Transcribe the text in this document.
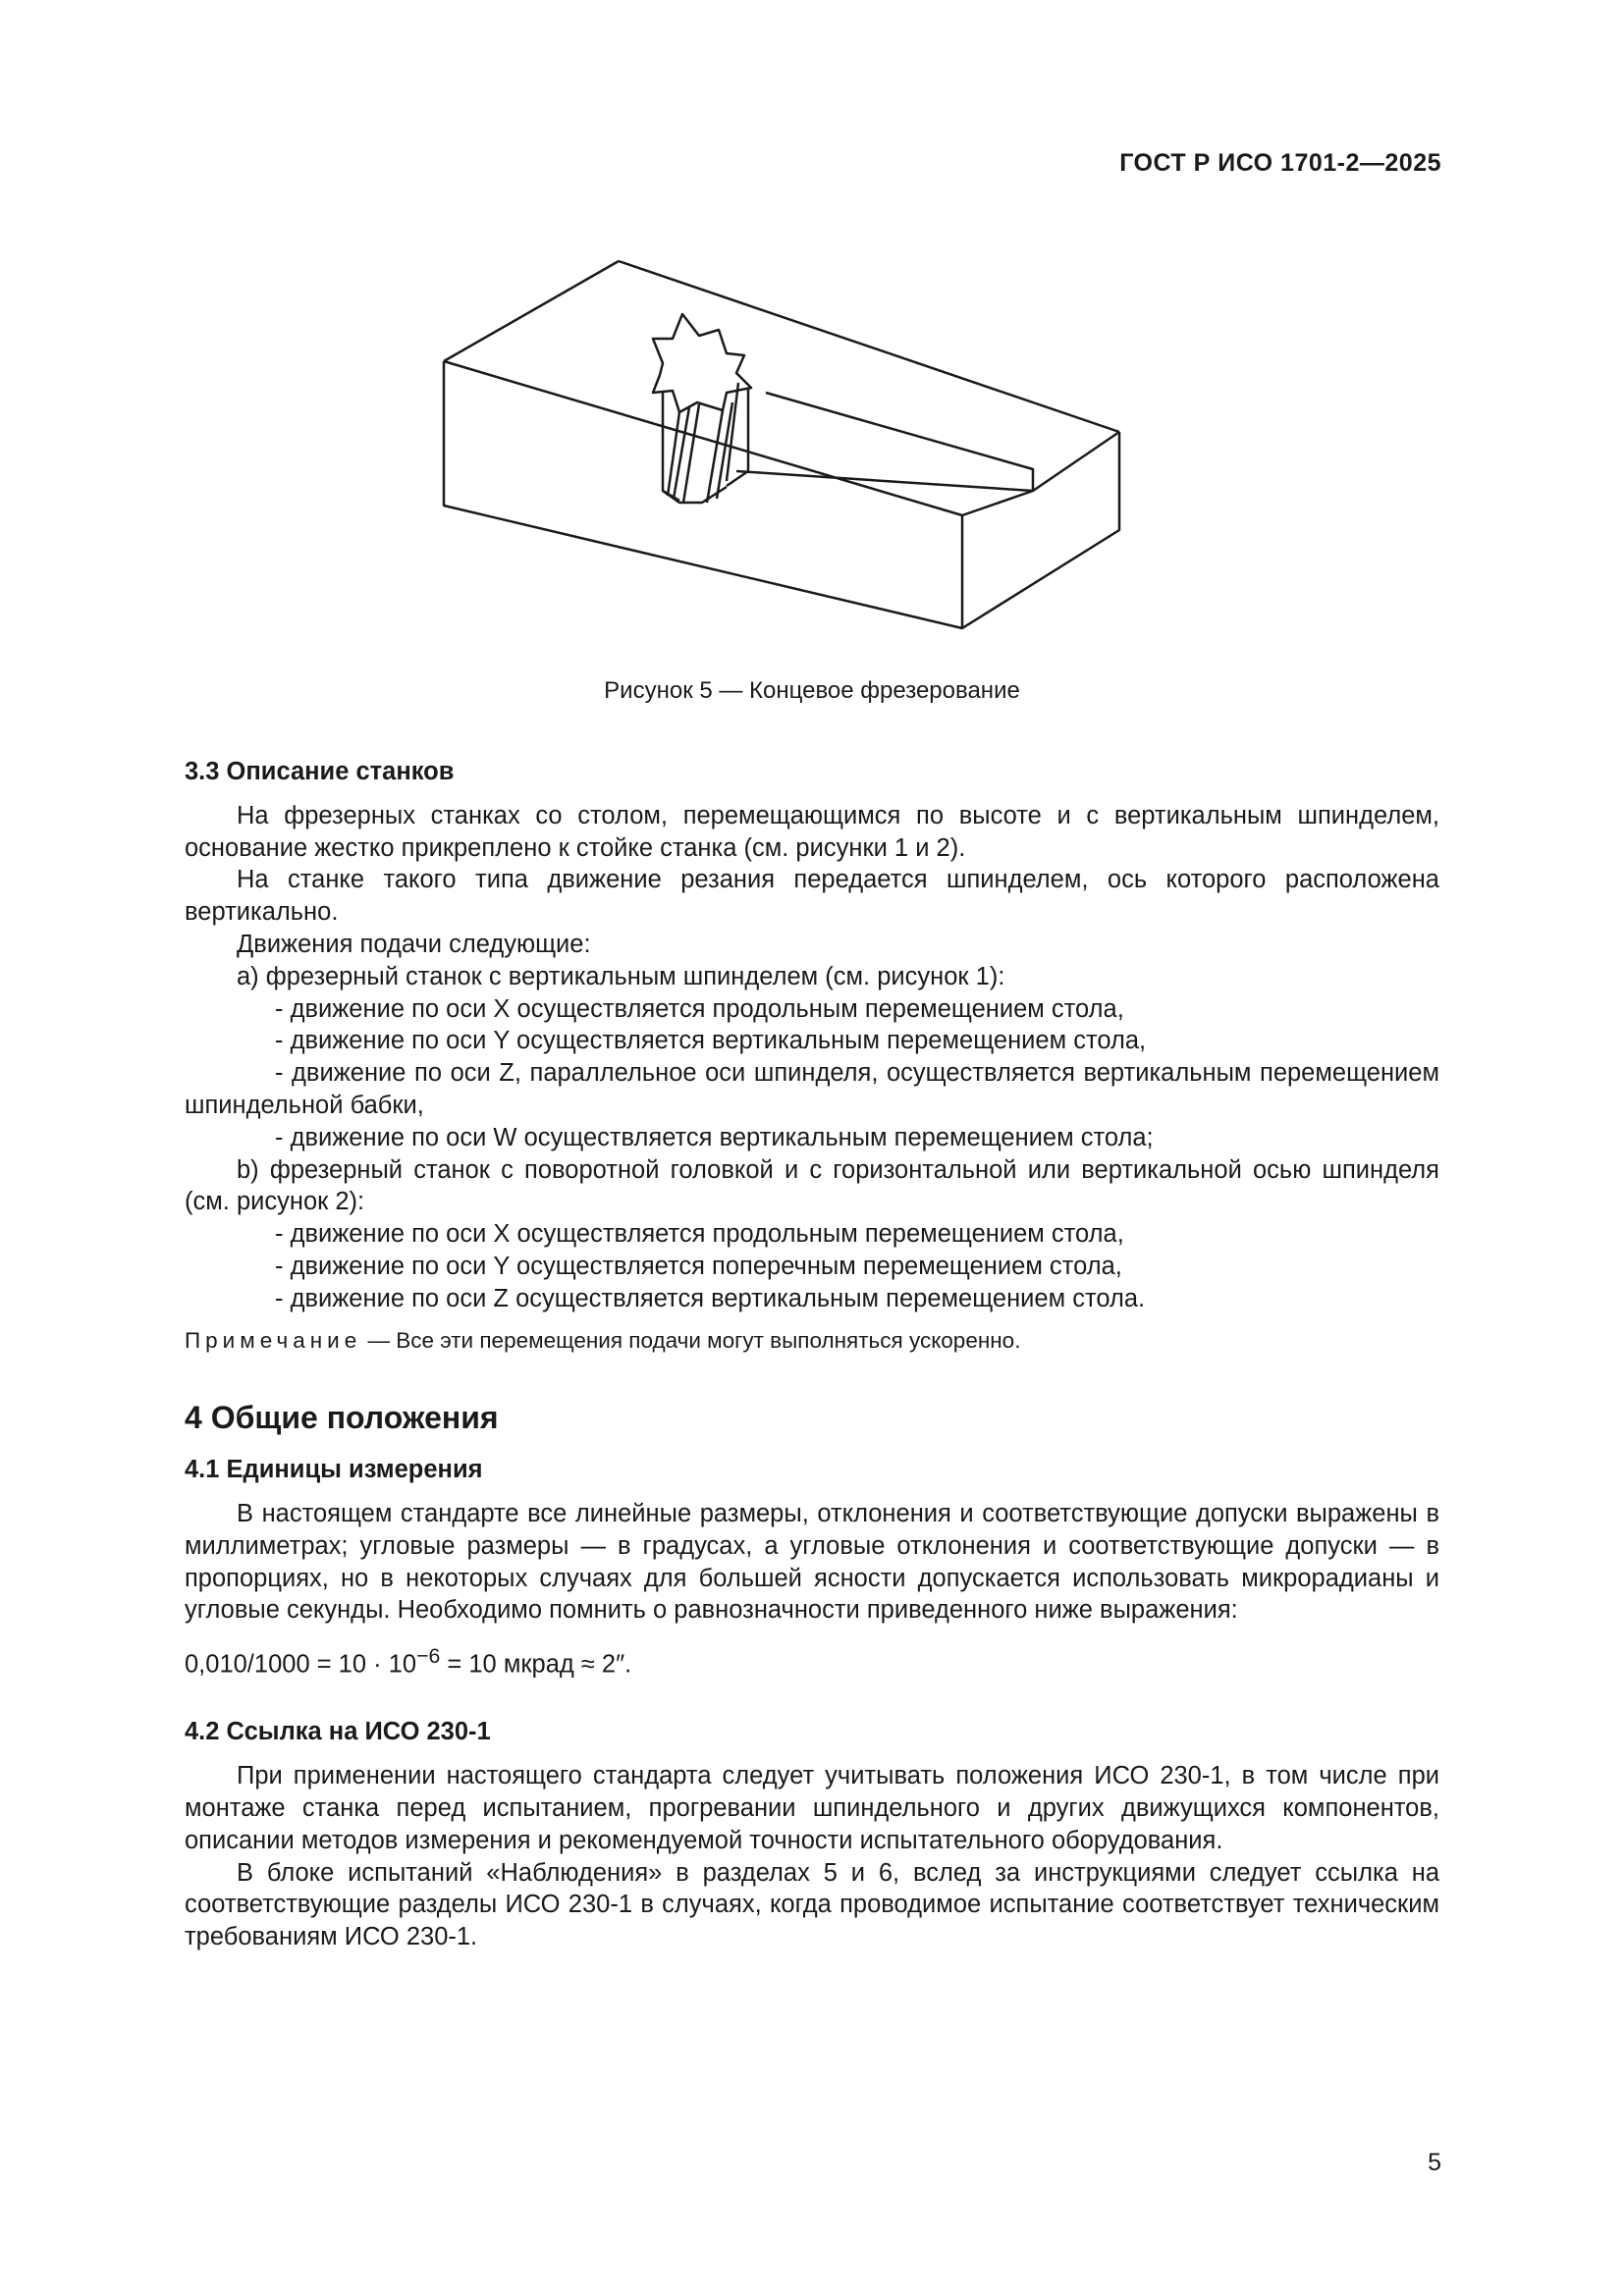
ГОСТ Р ИСО 1701-2—2025
Рисунок 5 — Концевое фрезерование

3.3 Описание станков

На фрезерных станках со столом, перемещающимся по высоте и с вертикальным шпинделем, основание жестко прикреплено к стойке станка (см. рисунки 1 и 2).

На станке такого типа движение резания передается шпинделем, ось которого расположена вертикально.

Движения подачи следующие:

а) фрезерный станок с вертикальным шпинделем (см. рисунок 1):

- движение по оси X осуществляется продольным перемещением стола,

- движение по оси Y осуществляется вертикальным перемещением стола,

- движение по оси Z, параллельное оси шпинделя, осуществляется вертикальным перемещением шпиндельной бабки,

- движение по оси W осуществляется вертикальным перемещением стола;

b) фрезерный станок с поворотной головкой и с горизонтальной или вертикальной осью шпинделя (см. рисунок 2):

- движение по оси X осуществляется продольным перемещением стола,

- движение по оси Y осуществляется поперечным перемещением стола,

- движение по оси Z осуществляется вертикальным перемещением стола.

Примечание — Все эти перемещения подачи могут выполняться ускоренно.

4 Общие положения

4.1 Единицы измерения

В настоящем стандарте все линейные размеры, отклонения и соответствующие допуски выражены в миллиметрах; угловые размеры — в градусах, а угловые отклонения и соответствующие допуски — в пропорциях, но в некоторых случаях для большей ясности допускается использовать микрорадианы и угловые секунды. Необходимо помнить о равнозначности приведенного ниже выражения:

$0,010/1000 = 10 \cdot 10^{-6} = 10$ мкрад ≈ 2″.

4.2 Ссылка на ИСО 230-1

При применении настоящего стандарта следует учитывать положения ИСО 230-1, в том числе при монтаже станка перед испытанием, прогревании шпиндельного и других движущихся компонентов, описании методов измерения и рекомендуемой точности испытательного оборудования.

В блоке испытаний «Наблюдения» в разделах 5 и 6, вслед за инструкциями следует ссылка на соответствующие разделы ИСО 230-1 в случаях, когда проводимое испытание соответствует техническим требованиям ИСО 230-1.

5
